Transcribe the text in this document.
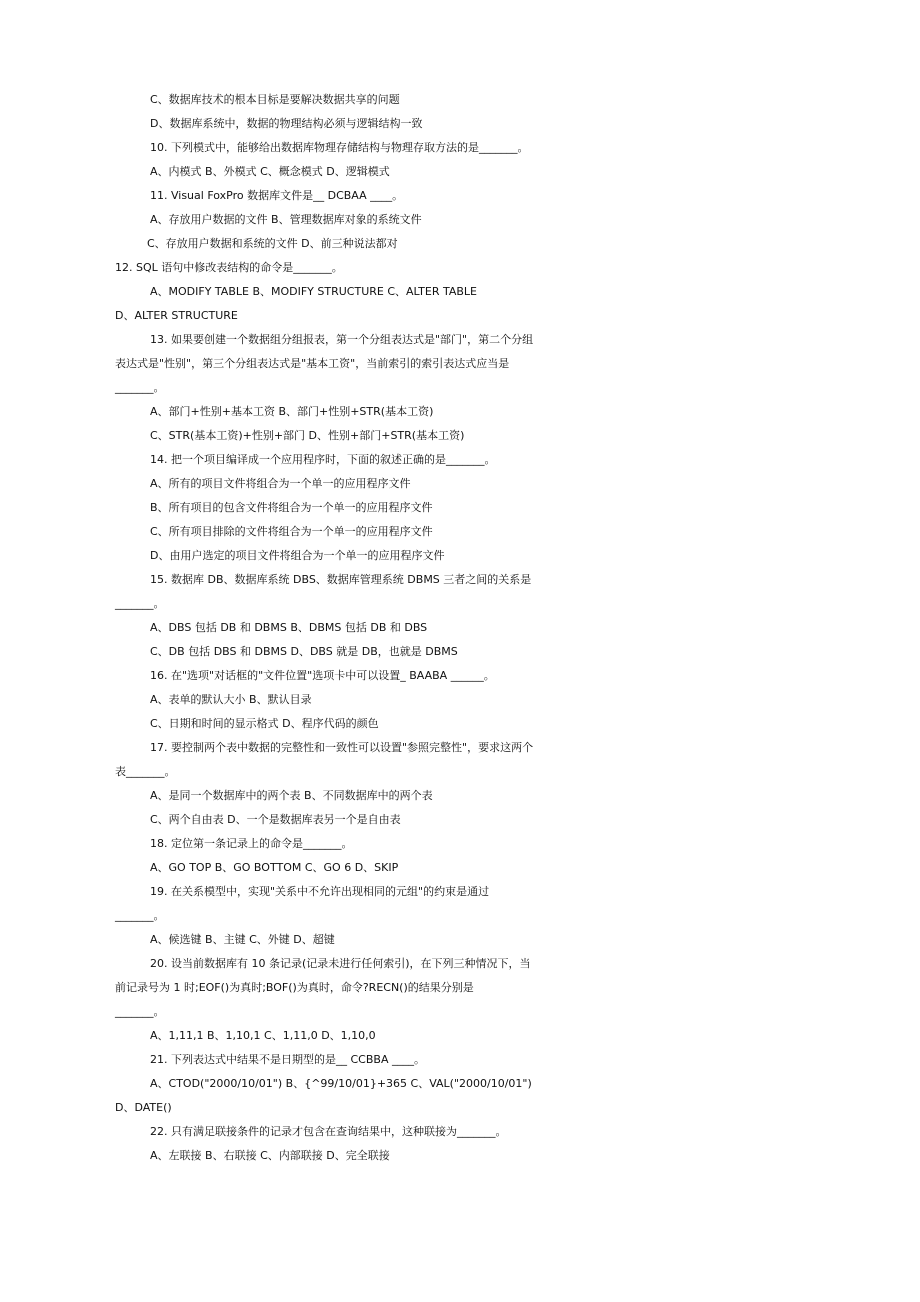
C、数据库技术的根本目标是要解决数据共享的问题

D、数据库系统中，数据的物理结构必须与逻辑结构一致

10. 下列模式中，能够给出数据库物理存储结构与物理存取方法的是_______。

A、内模式 B、外模式 C、概念模式 D、逻辑模式

11. Visual FoxPro 数据库文件是__ DCBAA ____。

A、存放用户数据的文件 B、管理数据库对象的系统文件

C、存放用户数据和系统的文件 D、前三种说法都对

12. SQL 语句中修改表结构的命令是_______。

A、MODIFY TABLE B、MODIFY STRUCTURE C、ALTER TABLE

D、ALTER STRUCTURE

13. 如果要创建一个数据组分组报表，第一个分组表达式是"部门"，第二个分组

表达式是"性别"，第三个分组表达式是"基本工资"，当前索引的索引表达式应当是

_______。

A、部门+性别+基本工资 B、部门+性别+STR(基本工资)

C、STR(基本工资)+性别+部门 D、性别+部门+STR(基本工资)

14. 把一个项目编译成一个应用程序时，下面的叙述正确的是_______。

A、所有的项目文件将组合为一个单一的应用程序文件

B、所有项目的包含文件将组合为一个单一的应用程序文件

C、所有项目排除的文件将组合为一个单一的应用程序文件

D、由用户选定的项目文件将组合为一个单一的应用程序文件

15. 数据库 DB、数据库系统 DBS、数据库管理系统 DBMS 三者之间的关系是

_______。

A、DBS 包括 DB 和 DBMS B、DBMS 包括 DB 和 DBS

C、DB 包括 DBS 和 DBMS D、DBS 就是 DB，也就是 DBMS

16. 在"选项"对话框的"文件位置"选项卡中可以设置_ BAABA ______。

A、表单的默认大小 B、默认目录

C、日期和时间的显示格式 D、程序代码的颜色

17. 要控制两个表中数据的完整性和一致性可以设置"参照完整性"，要求这两个

表_______。

A、是同一个数据库中的两个表 B、不同数据库中的两个表

C、两个自由表 D、一个是数据库表另一个是自由表

18. 定位第一条记录上的命令是_______。

A、GO TOP B、GO BOTTOM C、GO 6 D、SKIP

19. 在关系模型中，实现"关系中不允许出现相同的元组"的约束是通过

_______。

A、候选键 B、主键 C、外键 D、超键

20. 设当前数据库有 10 条记录(记录未进行任何索引)，在下列三种情况下，当

前记录号为 1 时;EOF()为真时;BOF()为真时，命令?RECN()的结果分别是

_______。

A、1,11,1 B、1,10,1 C、1,11,0 D、1,10,0

21. 下列表达式中结果不是日期型的是__ CCBBA ____。

A、CTOD("2000/10/01") B、{^99/10/01}+365 C、VAL("2000/10/01")

D、DATE()

22. 只有满足联接条件的记录才包含在查询结果中，这种联接为_______。

A、左联接 B、右联接 C、内部联接 D、完全联接
